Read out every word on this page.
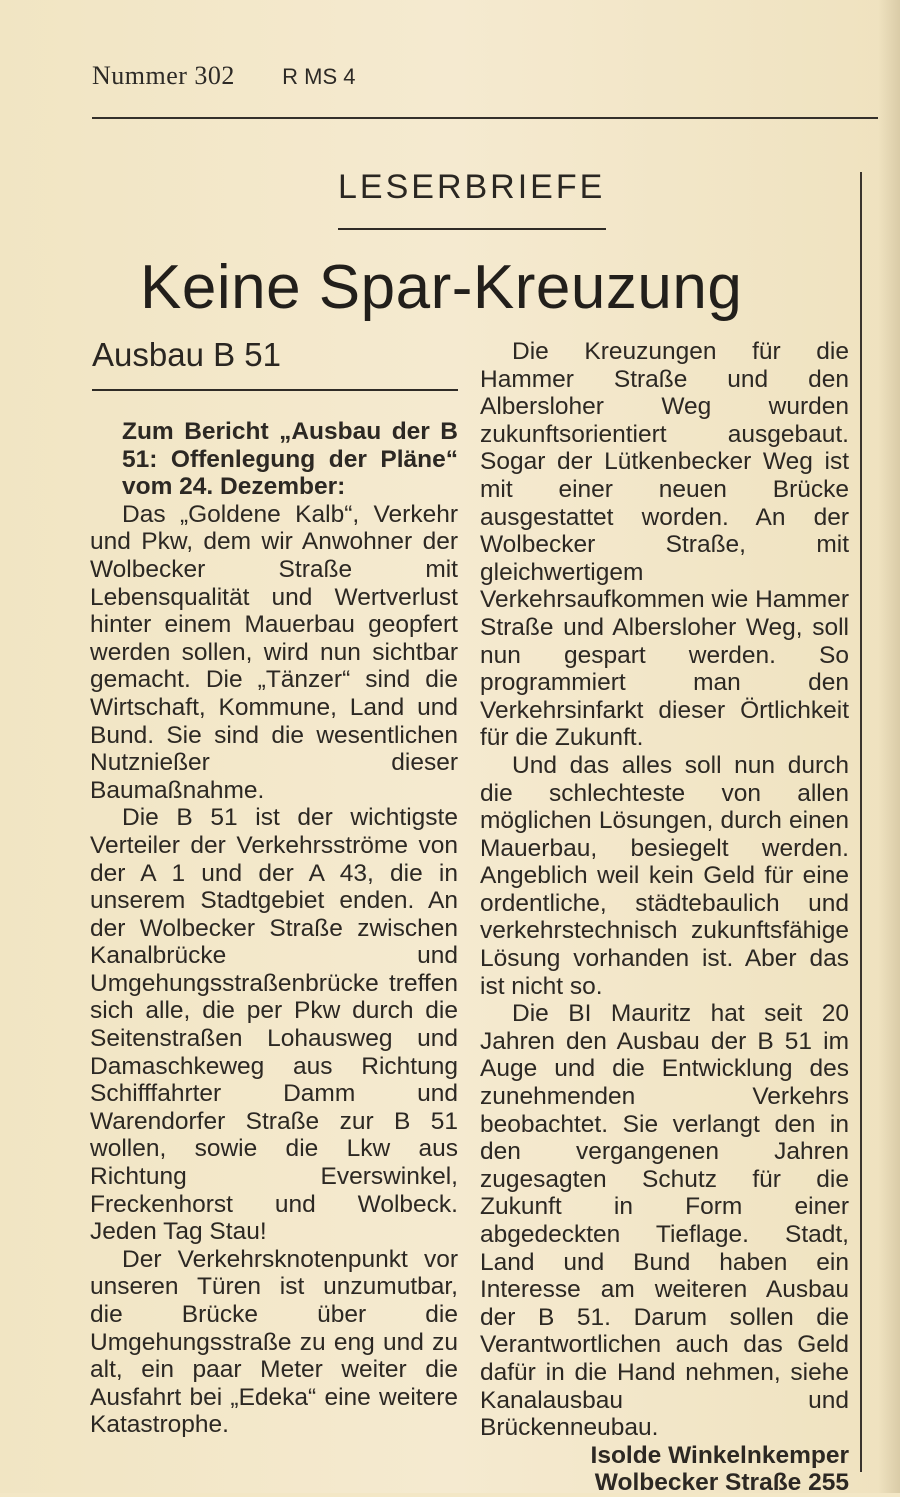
Nummer 302 R MS 4
LESERBRIEFE
Keine Spar-Kreuzung
Ausbau B 51
Zum Bericht „Ausbau der B 51: Offenlegung der Pläne“ vom 24. Dezember:

Das „Goldene Kalb“, Verkehr und Pkw, dem wir Anwohner der Wolbecker Straße mit Lebensqualität und Wertverlust hinter einem Mauerbau geopfert werden sollen, wird nun sichtbar gemacht. Die „Tänzer“ sind die Wirtschaft, Kommune, Land und Bund. Sie sind die wesentlichen Nutznießer dieser Baumaßnahme.

Die B 51 ist der wichtigste Verteiler der Verkehrsströme von der A 1 und der A 43, die in unserem Stadtgebiet enden. An der Wolbecker Straße zwischen Kanalbrücke und Umgehungsstraßenbrücke treffen sich alle, die per Pkw durch die Seitenstraßen Lohausweg und Damaschkeweg aus Richtung Schifffahrter Damm und Warendorfer Straße zur B 51 wollen, sowie die Lkw aus Richtung Everswinkel, Freckenhorst und Wolbeck. Jeden Tag Stau!

Der Verkehrsknotenpunkt vor unseren Türen ist unzumutbar, die Brücke über die Umgehungsstraße zu eng und zu alt, ein paar Meter weiter die Ausfahrt bei „Edeka“ eine weitere Katastrophe.

Die Kreuzungen für die Hammer Straße und den Albersloher Weg wurden zukunftsorientiert ausgebaut. Sogar der Lütkenbecker Weg ist mit einer neuen Brücke ausgestattet worden. An der Wolbecker Straße, mit gleichwertigem Verkehrsaufkommen wie Hammer Straße und Albersloher Weg, soll nun gespart werden. So programmiert man den Verkehrsinfarkt dieser Örtlichkeit für die Zukunft.

Und das alles soll nun durch die schlechteste von allen möglichen Lösungen, durch einen Mauerbau, besiegelt werden. Angeblich weil kein Geld für eine ordentliche, städtebaulich und verkehrstechnisch zukunftsfähige Lösung vorhanden ist. Aber das ist nicht so.

Die BI Mauritz hat seit 20 Jahren den Ausbau der B 51 im Auge und die Entwicklung des zunehmenden Verkehrs beobachtet. Sie verlangt den in den vergangenen Jahren zugesagten Schutz für die Zukunft in Form einer abgedeckten Tieflage. Stadt, Land und Bund haben ein Interesse am weiteren Ausbau der B 51. Darum sollen die Verantwortlichen auch das Geld dafür in die Hand nehmen, siehe Kanalausbau und Brückenneubau.

Isolde Winkelnkemper
Wolbecker Straße 255
